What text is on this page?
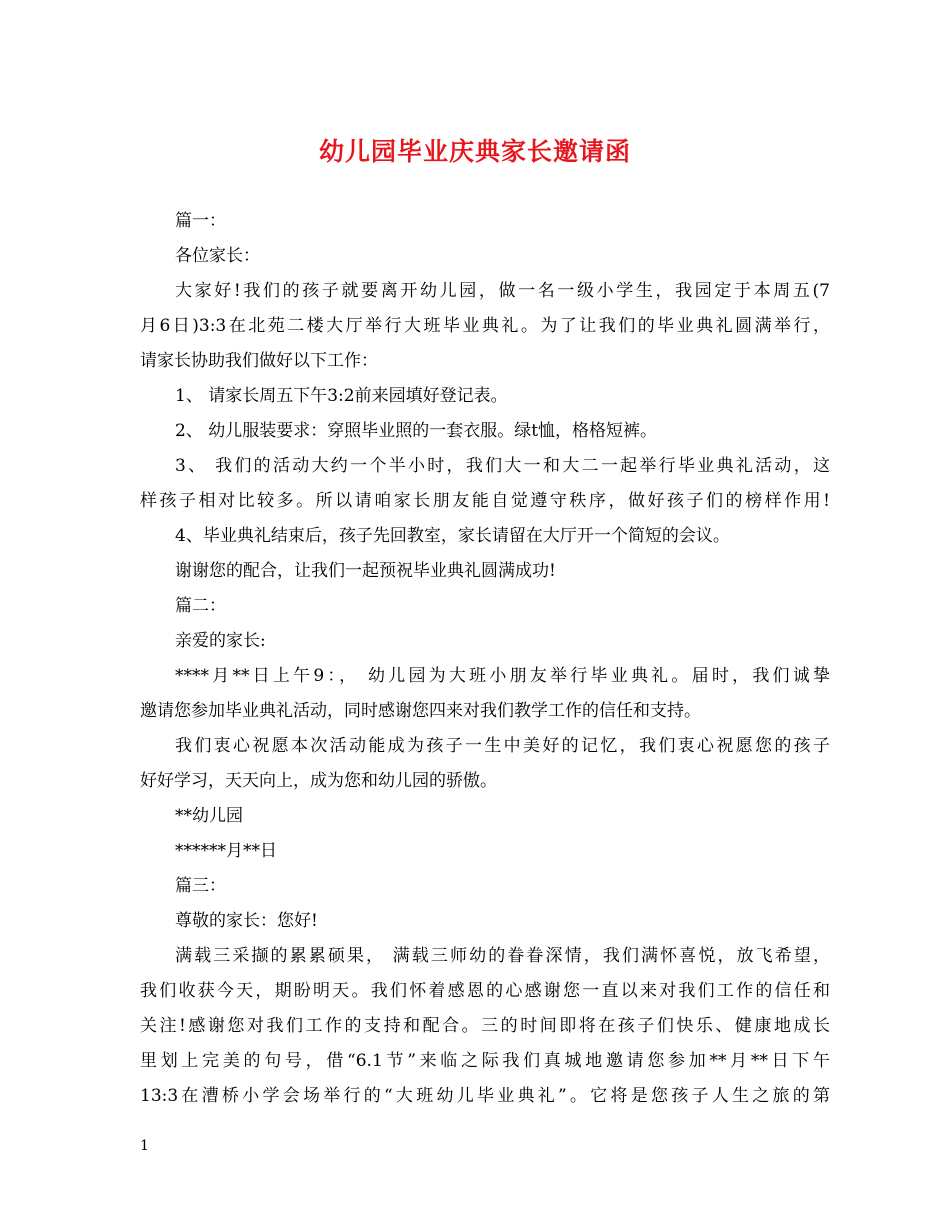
幼儿园毕业庆典家长邀请函
篇一：
各位家长：
大家好!我们的孩子就要离开幼儿园，做一名一级小学生，我园定于本周五(7
月6日)3:3在北苑二楼大厅举行大班毕业典礼。为了让我们的毕业典礼圆满举行，
请家长协助我们做好以下工作：
1、 请家长周五下午3:2前来园填好登记表。
2、 幼儿服装要求：穿照毕业照的一套衣服。绿t恤，格格短裤。
3、 我们的活动大约一个半小时，我们大一和大二一起举行毕业典礼活动，这
样孩子相对比较多。所以请咱家长朋友能自觉遵守秩序，做好孩子们的榜样作用!
4、毕业典礼结束后，孩子先回教室，家长请留在大厅开一个简短的会议。
谢谢您的配合，让我们一起预祝毕业典礼圆满成功!
篇二：
亲爱的家长:
****月**日上午9：， 幼儿园为大班小朋友举行毕业典礼。届时，我们诚挚
邀请您参加毕业典礼活动，同时感谢您四来对我们教学工作的信任和支持。
我们衷心祝愿本次活动能成为孩子一生中美好的记忆，我们衷心祝愿您的孩子
好好学习，天天向上，成为您和幼儿园的骄傲。
**幼儿园
******月**日
篇三：
尊敬的家长：您好!
满载三采撷的累累硕果， 满载三师幼的眷眷深情，我们满怀喜悦，放飞希望，
我们收获今天，期盼明天。我们怀着感恩的心感谢您一直以来对我们工作的信任和
关注!感谢您对我们工作的支持和配合。三的时间即将在孩子们快乐、健康地成长
里划上完美的句号，借“6.1节”来临之际我们真城地邀请您参加**月**日下午
13:3在漕桥小学会场举行的“大班幼儿毕业典礼”。它将是您孩子人生之旅的第
1
